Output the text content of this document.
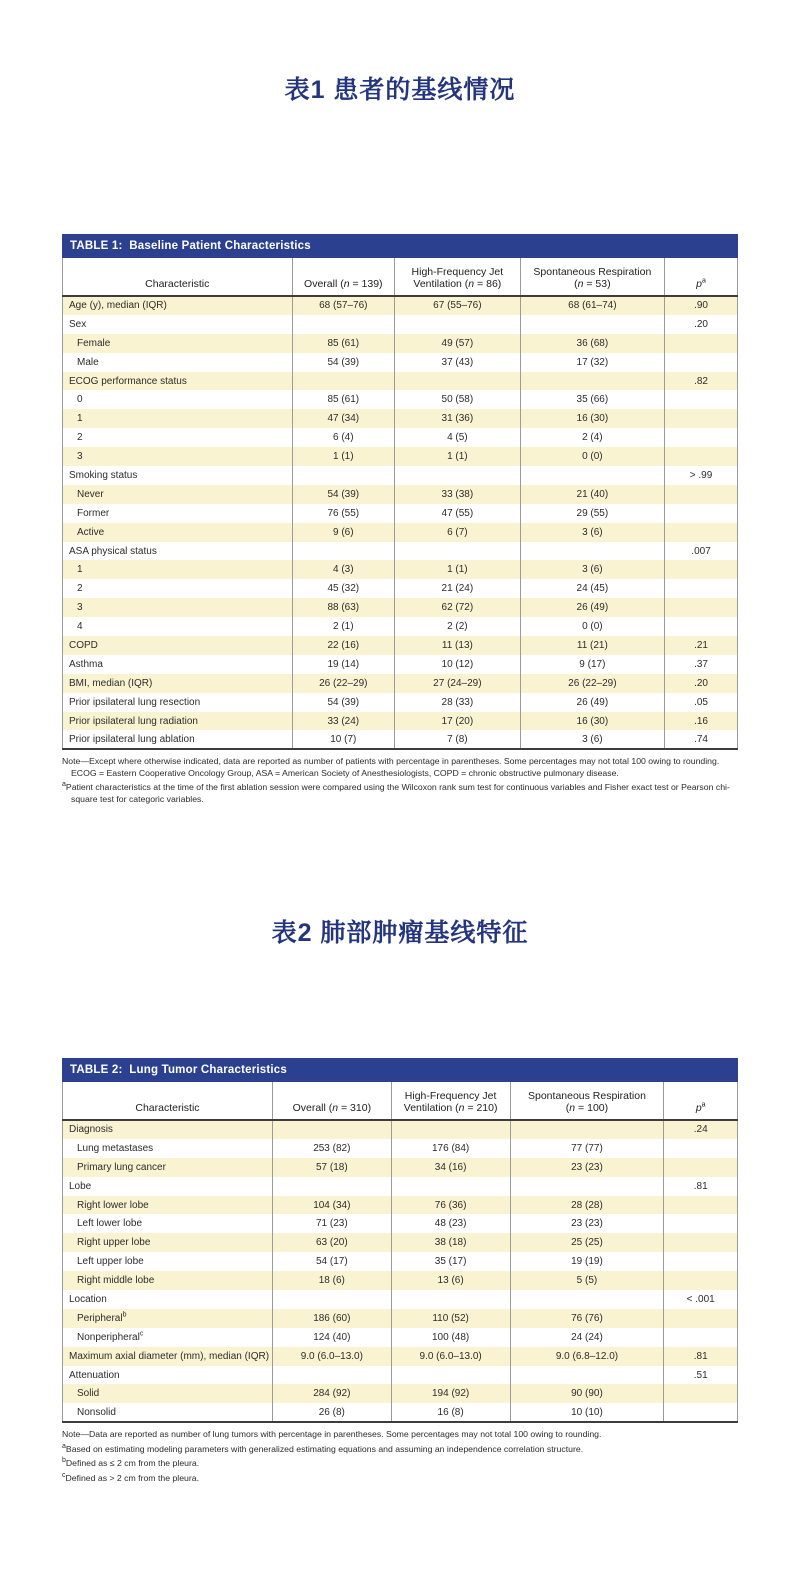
表1 患者的基线情况
TABLE 1:  Baseline Patient Characteristics
Characteristic	Overall (n = 139)	High-Frequency Jet
Ventilation (n = 86)	Spontaneous Respiration
(n = 53)	$p^a$
Age (y), median (IQR)	68 (57–76)	67 (55–76)	68 (61–74)	.90
Sex				.20
Female	85 (61)	49 (57)	36 (68)	
Male	54 (39)	37 (43)	17 (32)	
ECOG performance status				.82
0	85 (61)	50 (58)	35 (66)	
1	47 (34)	31 (36)	16 (30)	
2	6 (4)	4 (5)	2 (4)	
3	1 (1)	1 (1)	0 (0)	
Smoking status				> .99
Never	54 (39)	33 (38)	21 (40)	
Former	76 (55)	47 (55)	29 (55)	
Active	9 (6)	6 (7)	3 (6)	
ASA physical status				.007
1	4 (3)	1 (1)	3 (6)	
2	45 (32)	21 (24)	24 (45)	
3	88 (63)	62 (72)	26 (49)	
4	2 (1)	2 (2)	0 (0)	
COPD	22 (16)	11 (13)	11 (21)	.21
Asthma	19 (14)	10 (12)	9 (17)	.37
BMI, median (IQR)	26 (22–29)	27 (24–29)	26 (22–29)	.20
Prior ipsilateral lung resection	54 (39)	28 (33)	26 (49)	.05
Prior ipsilateral lung radiation	33 (24)	17 (20)	16 (30)	.16
Prior ipsilateral lung ablation	10 (7)	7 (8)	3 (6)	.74
Note—Except where otherwise indicated, data are reported as number of patients with percentage in parentheses. Some percentages may not total 100 owing to rounding. ECOG = Eastern Cooperative Oncology Group, ASA = American Society of Anesthesiologists, COPD = chronic obstructive pulmonary disease.
$^a$Patient characteristics at the time of the first ablation session were compared using the Wilcoxon rank sum test for continuous variables and Fisher exact test or Pearson chi-square test for categoric variables.
表2 肺部肿瘤基线特征
TABLE 2:  Lung Tumor Characteristics
Characteristic	Overall (n = 310)	High-Frequency Jet
Ventilation (n = 210)	Spontaneous Respiration
(n = 100)	$p^a$
Diagnosis				.24
Lung metastases	253 (82)	176 (84)	77 (77)	
Primary lung cancer	57 (18)	34 (16)	23 (23)	
Lobe				.81
Right lower lobe	104 (34)	76 (36)	28 (28)	
Left lower lobe	71 (23)	48 (23)	23 (23)	
Right upper lobe	63 (20)	38 (18)	25 (25)	
Left upper lobe	54 (17)	35 (17)	19 (19)	
Right middle lobe	18 (6)	13 (6)	5 (5)	
Location				< .001
Peripheral$^b$	186 (60)	110 (52)	76 (76)	
Nonperipheral$^c$	124 (40)	100 (48)	24 (24)	
Maximum axial diameter (mm), median (IQR)	9.0 (6.0–13.0)	9.0 (6.0–13.0)	9.0 (6.8–12.0)	.81
Attenuation				.51
Solid	284 (92)	194 (92)	90 (90)	
Nonsolid	26 (8)	16 (8)	10 (10)	
Note—Data are reported as number of lung tumors with percentage in parentheses. Some percentages may not total 100 owing to rounding.
$^a$Based on estimating modeling parameters with generalized estimating equations and assuming an independence correlation structure.
$^b$Defined as ≤ 2 cm from the pleura.
$^c$Defined as > 2 cm from the pleura.
